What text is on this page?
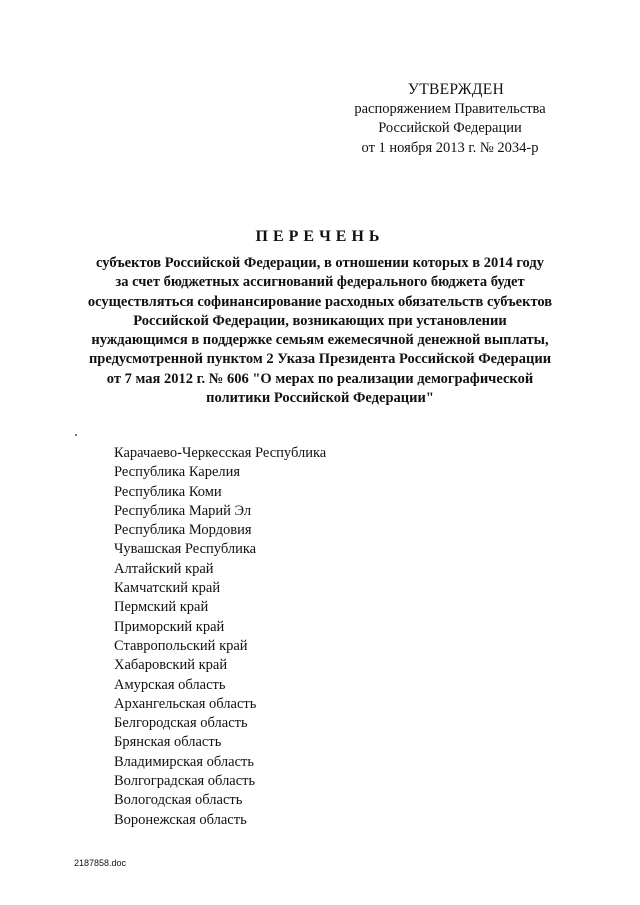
УТВЕРЖДЕН
распоряжением Правительства
Российской Федерации
от 1 ноября 2013 г. № 2034-р
ПЕРЕЧЕНЬ
субъектов Российской Федерации, в отношении которых в 2014 году
за счет бюджетных ассигнований федерального бюджета будет
осуществляться софинансирование расходных обязательств субъектов
Российской Федерации, возникающих при установлении
нуждающимся в поддержке семьям ежемесячной денежной выплаты,
предусмотренной пунктом 2 Указа Президента Российской Федерации
от 7 мая 2012 г. № 606 "О мерах по реализации демографической
политики Российской Федерации"
Карачаево-Черкесская Республика
Республика Карелия
Республика Коми
Республика Марий Эл
Республика Мордовия
Чувашская Республика
Алтайский край
Камчатский край
Пермский край
Приморский край
Ставропольский край
Хабаровский край
Амурская область
Архангельская область
Белгородская область
Брянская область
Владимирская область
Волгоградская область
Вологодская область
Воронежская область
2187858.doc
